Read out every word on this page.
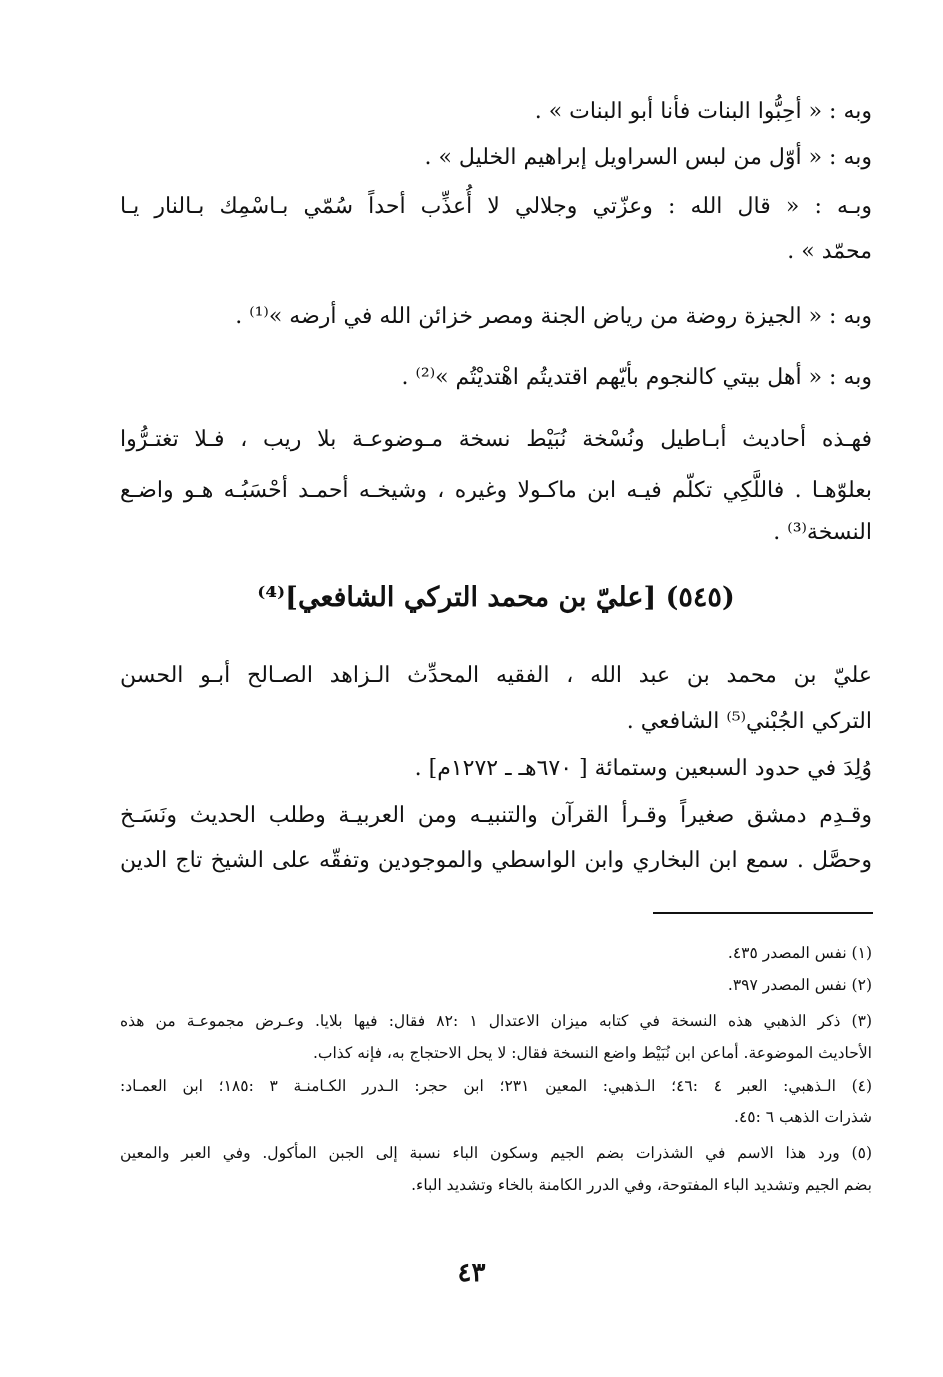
وبه : « أحِبُّوا البنات فأنا أبو البنات » .
وبه : « أوّل من لبس السراويل إبراهيم الخليل » .
وبـه : « قال الله : وعزّتي وجلالي لا أُعذِّب أحداً سُمّي بـاسْمِك بـالنار يـا
محمّد » .
وبه : « الجيزة روضة من رياض الجنة ومصر خزائن الله في أرضه »⁽¹⁾ .
وبه : « أهل بيتي كالنجوم بأيّهم اقتديتُم اهْتديْتُم »⁽²⁾ .
فهـذه أحاديث أبـاطيل ونُسْخة نُبَيْط نسخة مـوضوعـة بلا ريب ، فـلا تغتـرُّوا
بعلوّهـا . فاللَّكِي تكلّم فيـه ابن ماكـولا وغيره ، وشيخـه أحمـد أحْسَبُـه هـو واضـع
النسخة⁽³⁾ .
(٥٤٥) [عليّ بن محمد التركي الشافعي]⁽⁴⁾
عليّ بن محمد بن عبد الله ، الفقيه المحدِّث الـزاهد الصـالح أبـو الحسن
التركي الجُبْني⁽⁵⁾ الشافعي .
وُلِدَ في حدود السبعين وستمائة [ ٦٧٠هـ ـ ١٢٧٢م] .
وقـدِم دمشق صغيراً وقـرأ القرآن والتنبيـه ومن العربيـة وطلب الحديث ونَسَـخ
وحصَّل . سمع ابن البخاري وابن الواسطي والموجودين وتفقّه على الشيخ تاج الدين
(١) نفس المصدر ٤٣٥.
(٢) نفس المصدر ٣٩٧.
(٣) ذكر الذهبي هذه النسخة في كتابه ميزان الاعتدال ١ :٨٢ فقال: فيها بلايا. وعـرض مجموعـة من هذه
الأحاديث الموضوعة. أماعن ابن نُبَيْط واضع النسخة فقال: لا يحل الاحتجاج به، فإنه كذاب.
(٤) الـذهبي: العبر ٤ :٤٦؛ الـذهبي: المعين ٢٣١؛ ابن حجر: الـدرر الكـامنـة ٣ :١٨٥؛ ابن العمـاد:
شذرات الذهب ٦ :٤٥.
(٥) ورد هذا الاسم في الشذرات بضم الجيم وسكون الباء نسبة إلى الجبن المأكول. وفي العبر والمعين
بضم الجيم وتشديد الباء المفتوحة، وفي الدرر الكامنة بالخاء وتشديد الباء.
٤٣
